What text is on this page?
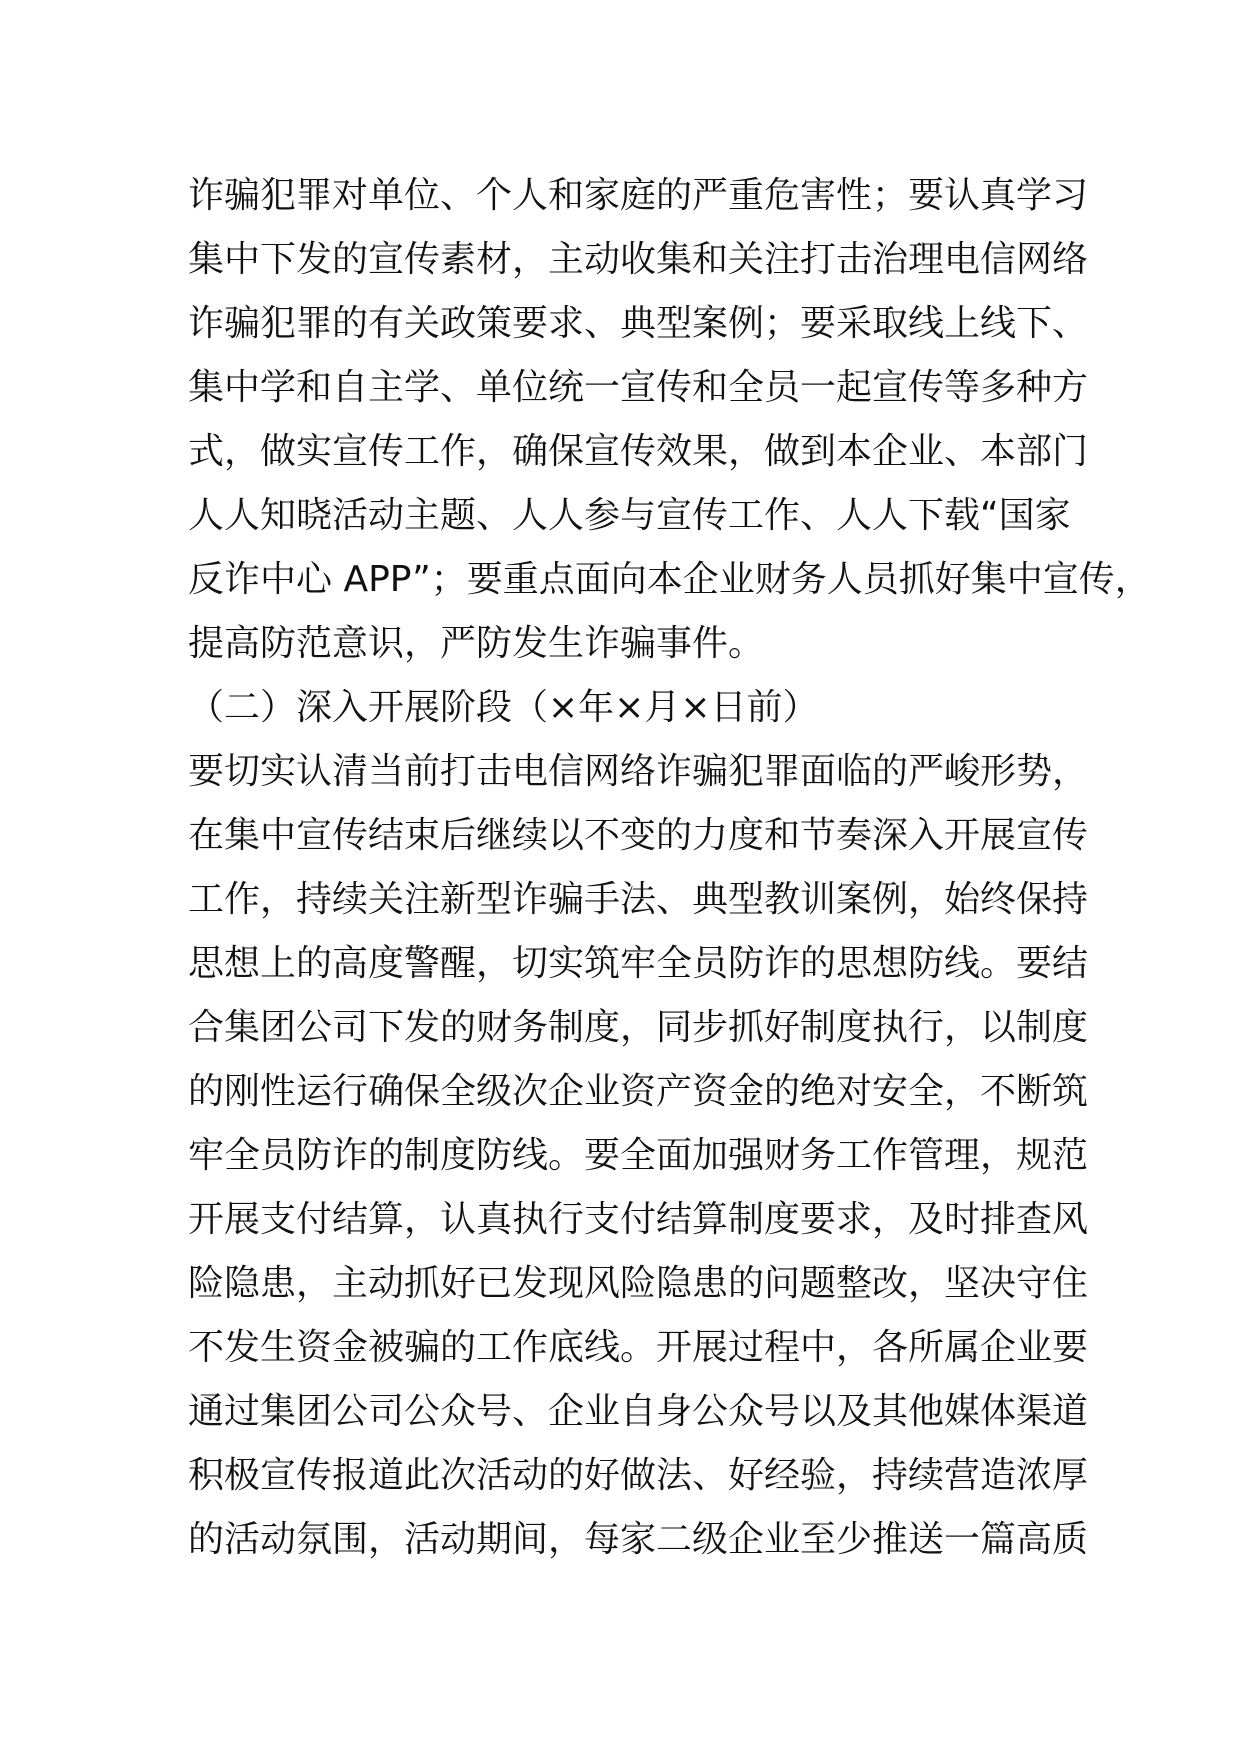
诈骗犯罪对单位、个人和家庭的严重危害性；要认真学习
集中下发的宣传素材，主动收集和关注打击治理电信网络
诈骗犯罪的有关政策要求、典型案例；要采取线上线下、
集中学和自主学、单位统一宣传和全员一起宣传等多种方
式，做实宣传工作，确保宣传效果，做到本企业、本部门
人人知晓活动主题、人人参与宣传工作、人人下载“国家
反诈中心 APP”；要重点面向本企业财务人员抓好集中宣传，
提高防范意识，严防发生诈骗事件。
（二）深入开展阶段（×年×月×日前）
要切实认清当前打击电信网络诈骗犯罪面临的严峻形势，
在集中宣传结束后继续以不变的力度和节奏深入开展宣传
工作，持续关注新型诈骗手法、典型教训案例，始终保持
思想上的高度警醒，切实筑牢全员防诈的思想防线。要结
合集团公司下发的财务制度，同步抓好制度执行，以制度
的刚性运行确保全级次企业资产资金的绝对安全，不断筑
牢全员防诈的制度防线。要全面加强财务工作管理，规范
开展支付结算，认真执行支付结算制度要求，及时排查风
险隐患，主动抓好已发现风险隐患的问题整改，坚决守住
不发生资金被骗的工作底线。开展过程中，各所属企业要
通过集团公司公众号、企业自身公众号以及其他媒体渠道
积极宣传报道此次活动的好做法、好经验，持续营造浓厚
的活动氛围，活动期间，每家二级企业至少推送一篇高质
